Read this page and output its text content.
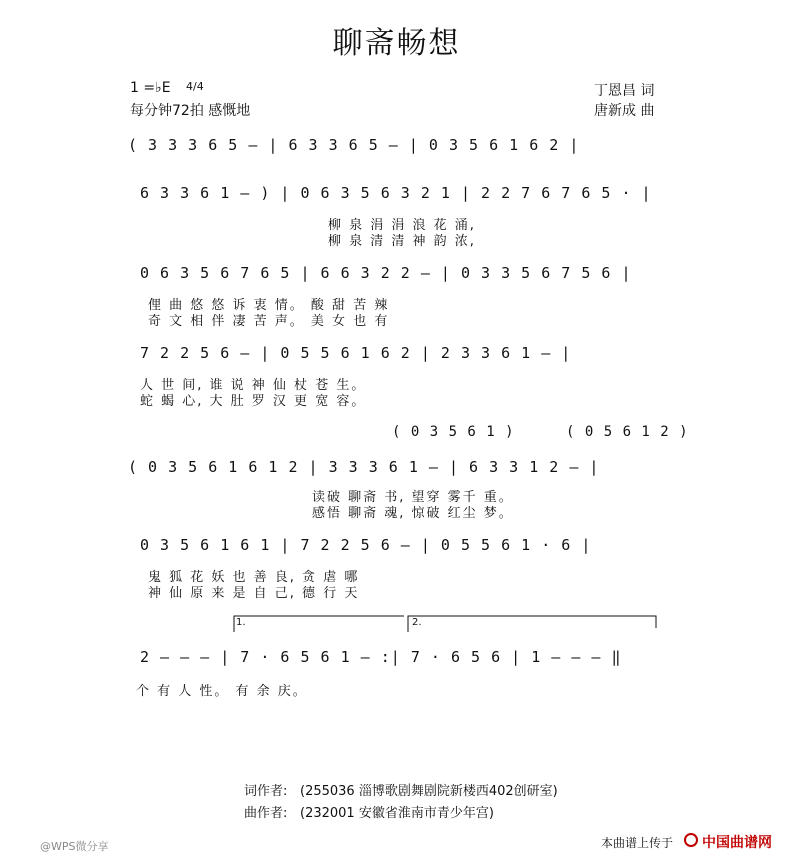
聊斋畅想
1 =♭E 4/4
每分钟72拍 感慨地
丁恩昌 词
唐新成 曲
( 3 3 3 6 5 – | 6 3 3 6 5 – | 0 3 5 6 1 6 2 |
6 3 3 6 1 – ) | 0 6 3 5 6 3 2 1 | 2 2 7 6 7 6 5 · |
柳 泉 涓 涓 浪 花 涌,
柳 泉 清 清 神 韵 浓,
0 6 3 5 6 7 6 5 | 6 6 3 2 2 – | 0 3 3 5 6 7 5 6 |
俚 曲 悠 悠 诉 衷 情。 酸 甜 苦 辣
奇 文 相 伴 凄 苦 声。 美 女 也 有
7 2 2 5 6 – | 0 5 5 6 1 6 2 | 2 3 3 6 1 – |
人 世 间, 谁 说 神 仙 杖 苍 生。
蛇 蝎 心, 大 肚 罗 汉 更 宽 容。
( 0 3 5 6 1 )	( 0 5 6 1 2 )
( 0 3 5 6 1 6 1 2 | 3 3 3 6 1 – | 6 3 3 1 2 – |
读破 聊斋 书, 望穿 雾千 重。
感悟 聊斋 魂, 惊破 红尘 梦。
0 3 5 6 1 6 1 | 7 2 2 5 6 – | 0 5 5 6 1 · 6 |
鬼 狐 花 妖 也 善 良, 贪 虐 哪
神 仙 原 来 是 自 己, 德 行 天
1.	2.
2 – – – | 7 · 6 5 6 1 – :| 7 · 6 5 6 | 1 – – – ‖
个 有 人 性。 有 余 庆。
词作者: (255036 淄博歌剧舞剧院新楼西402创研室)
曲作者: (232001 安徽省淮南市青少年宫)
@WPS微分享	本曲谱上传于 中国曲谱网
